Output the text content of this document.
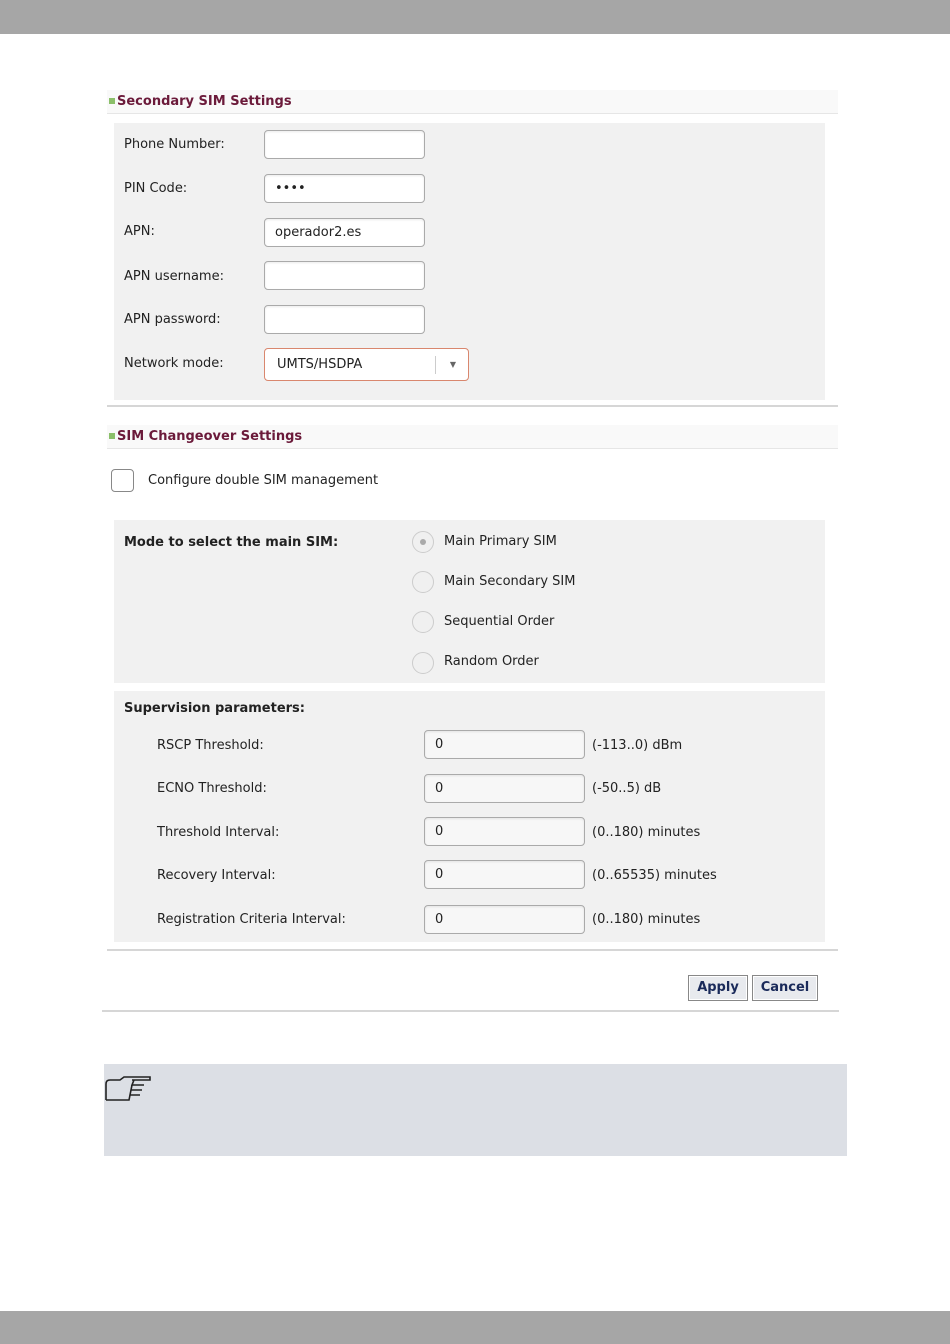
Secondary SIM Settings
Phone Number:
PIN Code:	••••
APN:	operador2.es
APN username:
APN password:
Network mode:	UMTS/HSDPA	▼
SIM Changeover Settings
Configure double SIM management
Mode to select the main SIM:	Main Primary SIM
Main Secondary SIM
Sequential Order
Random Order
Supervision parameters:
RSCP Threshold:	0	(-113..0) dBm
ECNO Threshold:	0	(-50..5) dB
Threshold Interval:	0	(0..180) minutes
Recovery Interval:	0	(0..65535) minutes
Registration Criteria Interval:	0	(0..180) minutes
Apply	Cancel
